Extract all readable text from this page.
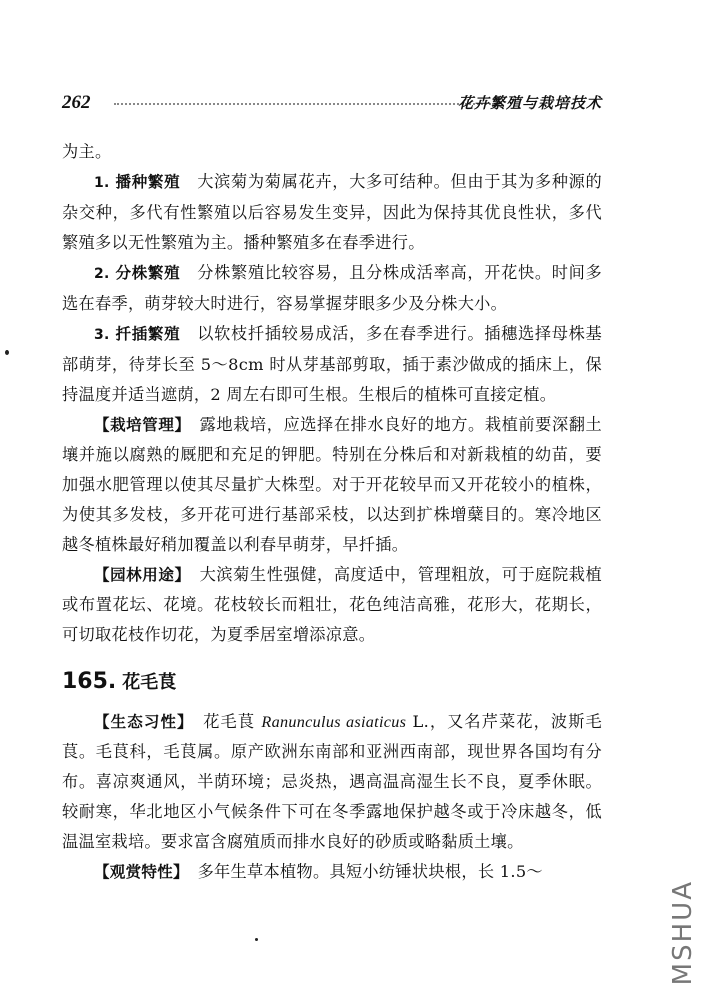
262	花卉繁殖与栽培技术

为主。

1. 播种繁殖　 大滨菊为菊属花卉，大多可结种。但由于其为多种源的杂交种，多代有性繁殖以后容易发生变异，因此为保持其优良性状，多代繁殖多以无性繁殖为主。播种繁殖多在春季进行。

2. 分株繁殖　 分株繁殖比较容易，且分株成活率高，开花快。时间多选在春季，萌芽较大时进行，容易掌握芽眼多少及分株大小。

3. 扦插繁殖　 以软枝扦插较易成活，多在春季进行。插穗选择母株基部萌芽，待芽长至 5～8cm 时从芽基部剪取，插于素沙做成的插床上，保持温度并适当遮荫，2 周左右即可生根。生根后的植株可直接定植。

【栽培管理】　 露地栽培，应选择在排水良好的地方。栽植前要深翻土壤并施以腐熟的厩肥和充足的钾肥。特别在分株后和对新栽植的幼苗，要加强水肥管理以使其尽量扩大株型。对于开花较早而又开花较小的植株，为使其多发枝，多开花可进行基部采枝，以达到扩株增蘖目的。寒冷地区越冬植株最好稍加覆盖以利春早萌芽，早扦插。

【园林用途】　 大滨菊生性强健，高度适中，管理粗放，可于庭院栽植或布置花坛、花境。花枝较长而粗壮，花色纯洁高雅，花形大，花期长，可切取花枝作切花，为夏季居室增添凉意。

165. 花毛茛

【生态习性】　 花毛茛 Ranunculus asiaticus L.，又名芹菜花，波斯毛茛。毛茛科，毛茛属。原产欧洲东南部和亚洲西南部，现世界各国均有分布。喜凉爽通风，半荫环境；忌炎热，遇高温高湿生长不良，夏季休眠。较耐寒，华北地区小气候条件下可在冬季露地保护越冬或于冷床越冬，低温温室栽培。要求富含腐殖质而排水良好的砂质或略黏质土壤。

【观赏特性】　 多年生草本植物。具短小纺锤状块根，长 1.5～

MSHUA
